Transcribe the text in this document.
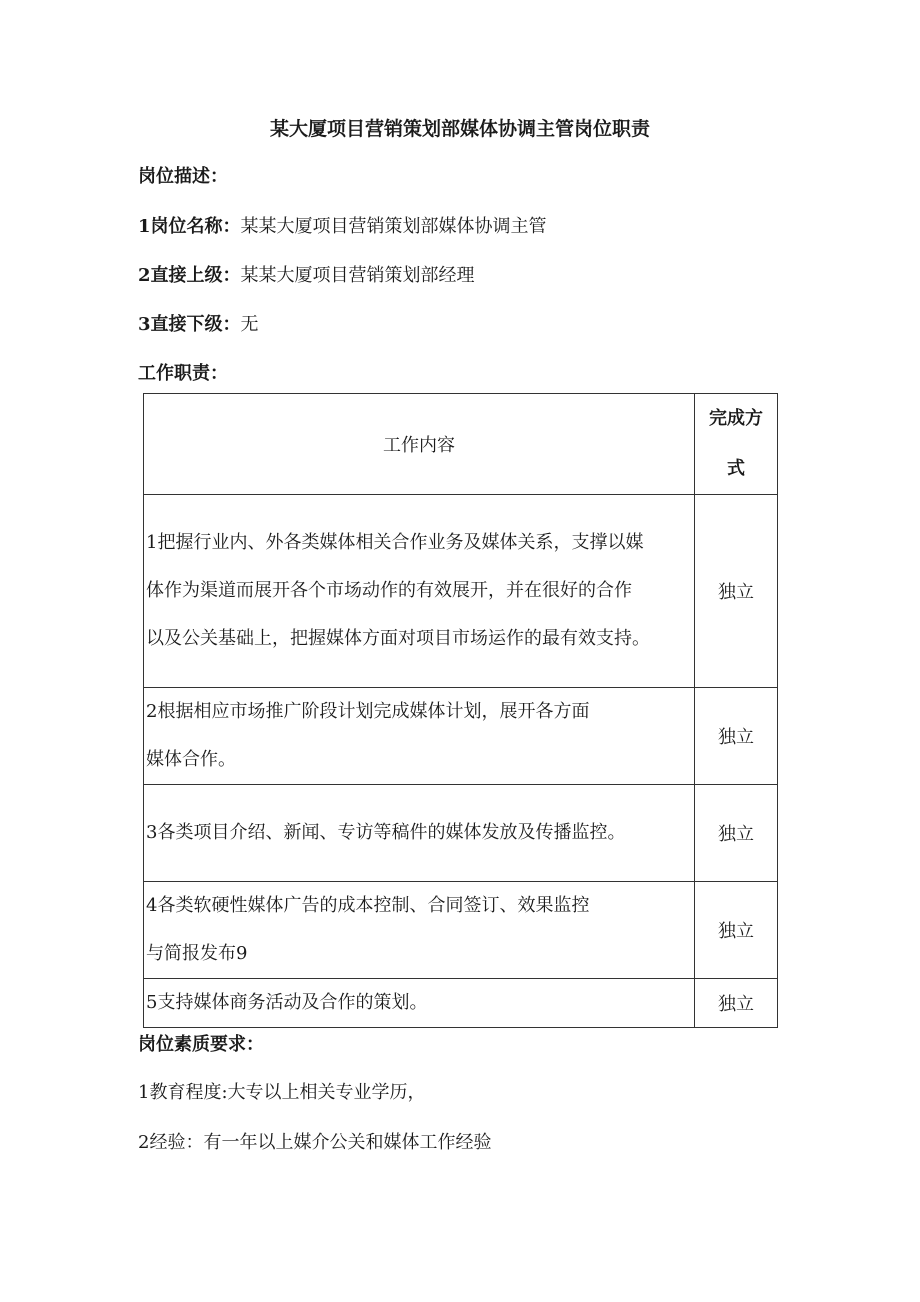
某大厦项目营销策划部媒体协调主管岗位职责
岗位描述：
1岗位名称：某某大厦项目营销策划部媒体协调主管
2直接上级：某某大厦项目营销策划部经理
3直接下级：无
工作职责：
工作内容	完成方
式

1把握行业内、外各类媒体相关合作业务及媒体关系，支撑以媒
体作为渠道而展开各个市场动作的有效展开，并在很好的合作
以及公关基础上，把握媒体方面对项目市场运作的最有效支持。	独立

2根据相应市场推广阶段计划完成媒体计划，展开各方面
媒体合作。	独立

3各类项目介绍、新闻、专访等稿件的媒体发放及传播监控。	独立

4各类软硬性媒体广告的成本控制、合同签订、效果监控
与简报发布9	独立

5支持媒体商务活动及合作的策划。	独立
岗位素质要求：
1教育程度:大专以上相关专业学历，
2经验：有一年以上媒介公关和媒体工作经验
